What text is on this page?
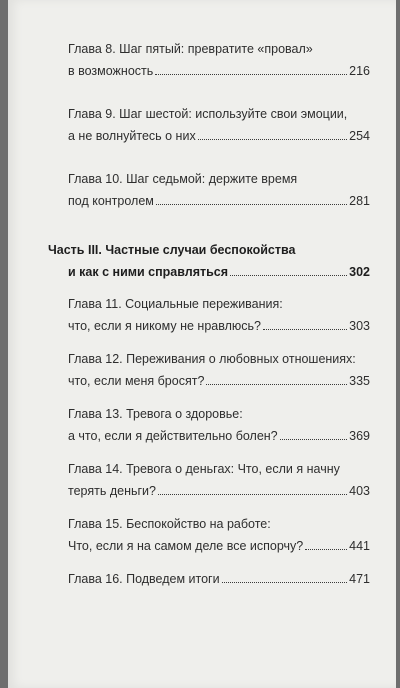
Глава 8. Шаг пятый: превратите «провал»
в возможность	216
Глава 9. Шаг шестой: используйте свои эмоции,
а не волнуйтесь о них	254
Глава 10. Шаг седьмой: держите время
под контролем	281
Часть III. Частные случаи беспокойства
и как с ними справляться	302
Глава 11. Социальные переживания:
что, если я никому не нравлюсь?	303
Глава 12. Переживания о любовных отношениях:
что, если меня бросят?	335
Глава 13. Тревога о здоровье:
а что, если я действительно болен?	369
Глава 14. Тревога о деньгах: Что, если я начну
терять деньги?	403
Глава 15. Беспокойство на работе:
Что, если я на самом деле все испорчу?	441
Глава 16. Подведем итоги	471
